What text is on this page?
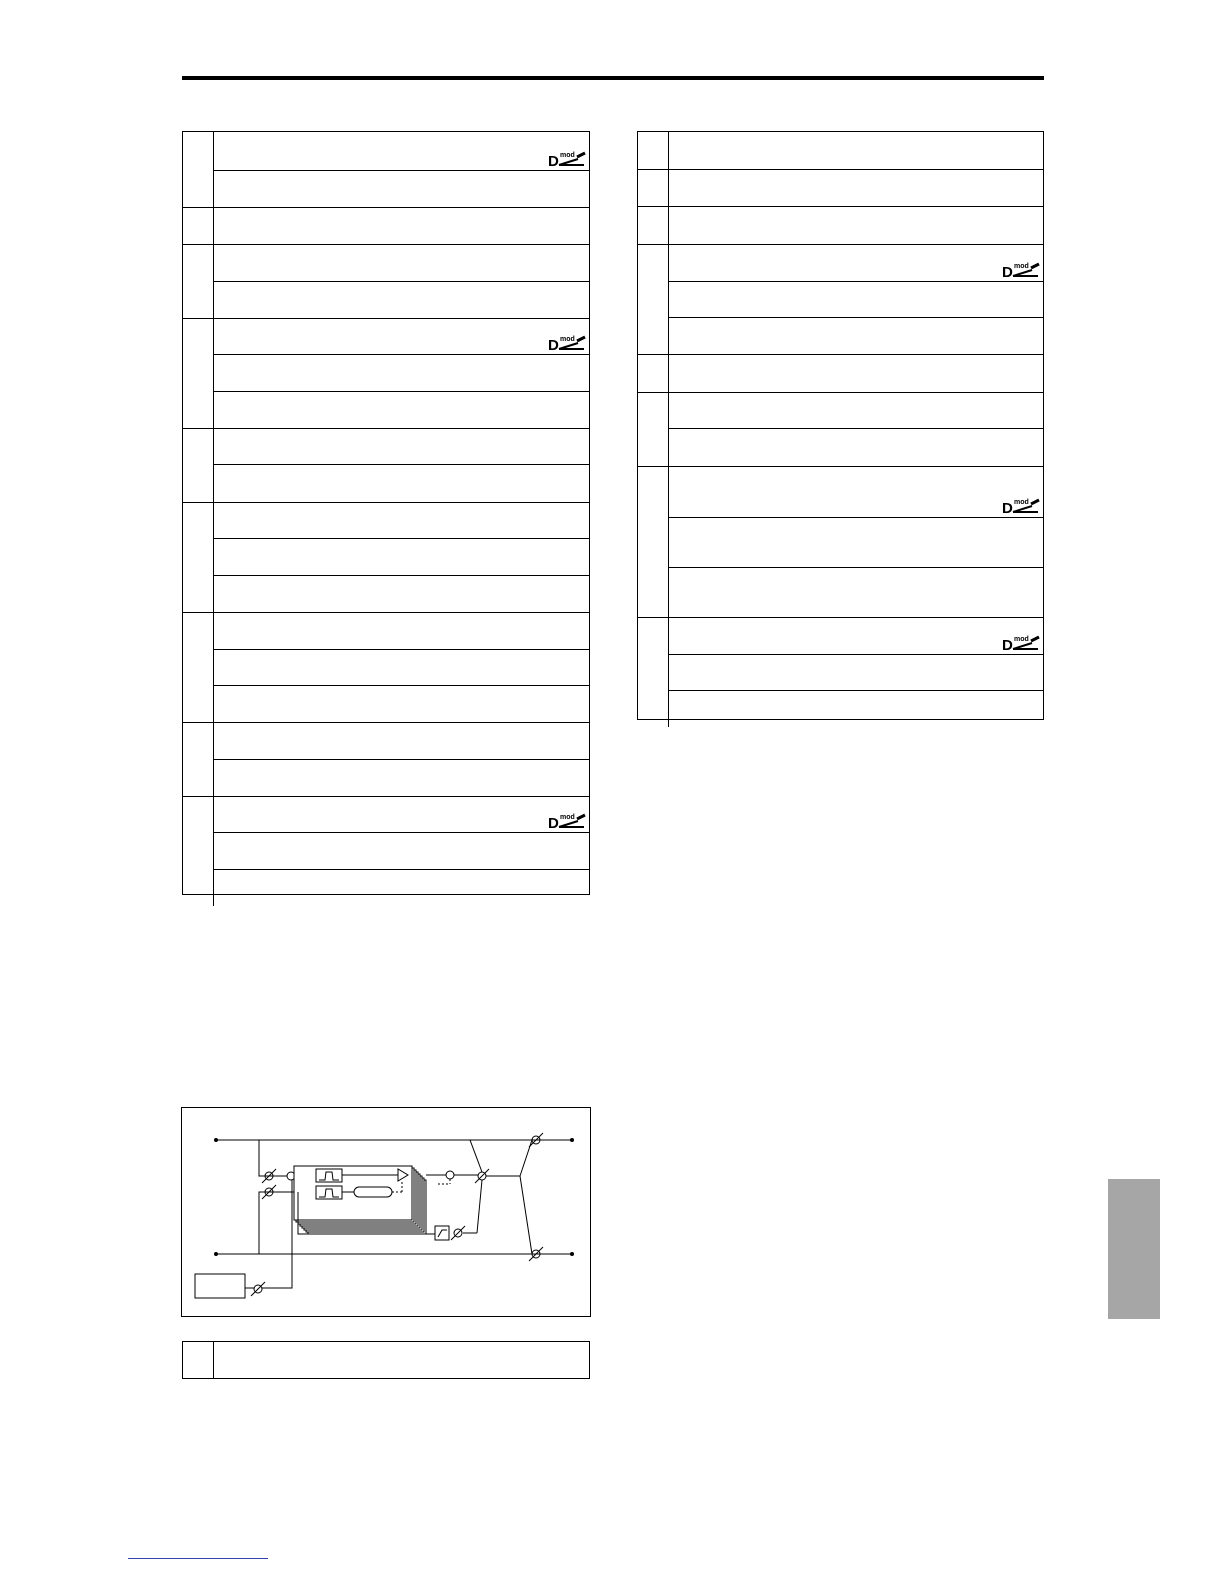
D mod
D mod
D mod
D mod
D mod
D mod
